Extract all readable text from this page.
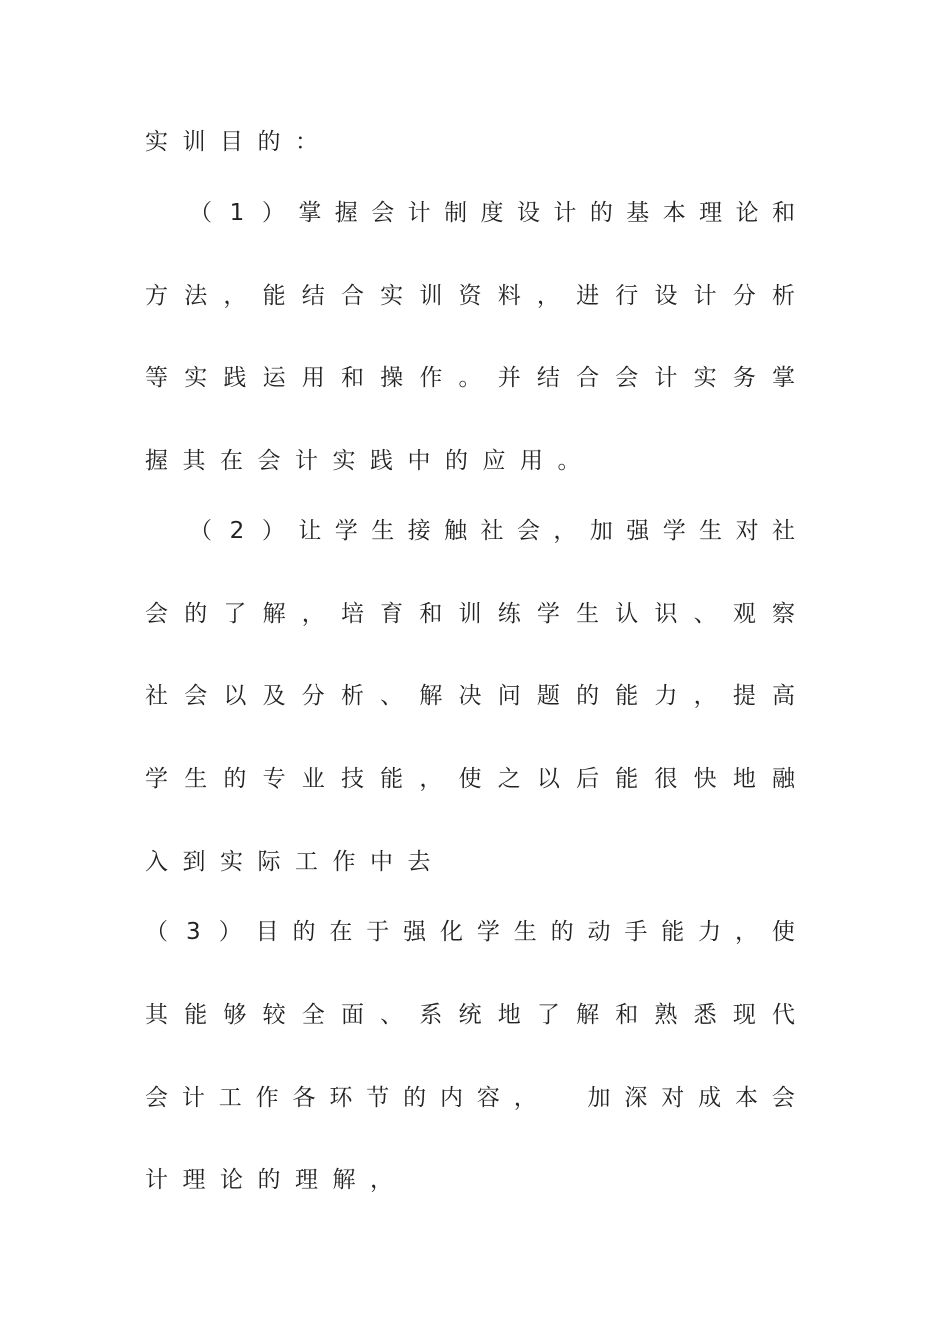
实 训 目 的 ：
（ 1 ） 掌 握 会 计 制 度 设 计 的 基 本 理 论 和
方 法 ， 能 结 合 实 训 资 料 ， 进 行 设 计 分 析
等 实 践 运 用 和 操 作 。 并 结 合 会 计 实 务 掌
握 其 在 会 计 实 践 中 的 应 用 。
（ 2 ） 让 学 生 接 触 社 会 ， 加 强 学 生 对 社
会 的 了 解 ， 培 育 和 训 练 学 生 认 识 、 观 察
社 会 以 及 分 析 、 解 决 问 题 的 能 力 ， 提 高
学 生 的 专 业 技 能 ， 使 之 以 后 能 很 快 地 融
入 到 实 际 工 作 中 去
（ 3 ） 目 的 在 于 强 化 学 生 的 动 手 能 力 ， 使
其 能 够 较 全 面 、 系 统 地 了 解 和 熟 悉 现 代
会 计 工 作 各 环 节 的 内 容 ， 加 深 对 成 本 会
计 理 论 的 理 解 ，
